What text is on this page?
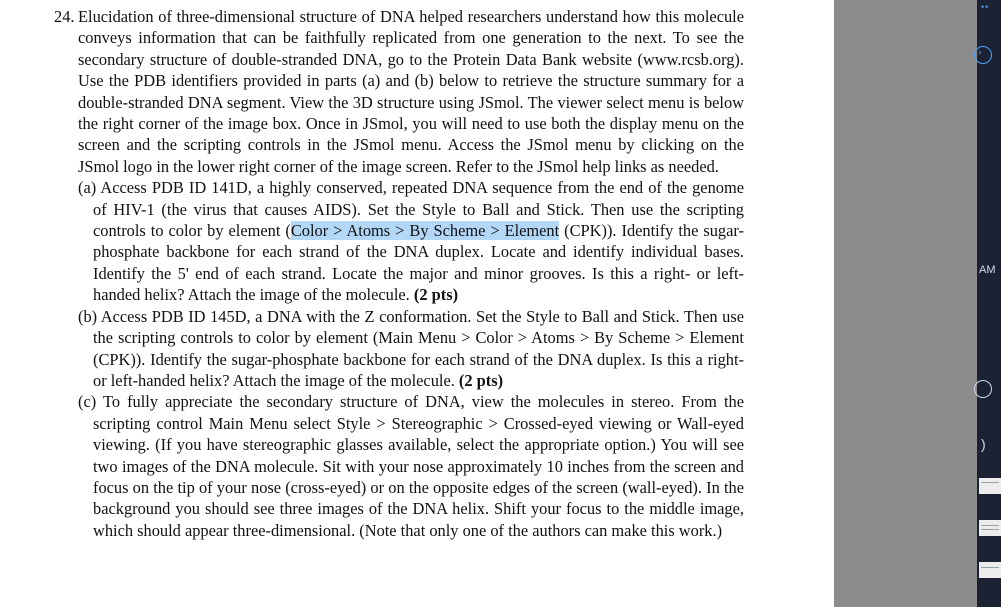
24. Elucidation of three-dimensional structure of DNA helped researchers understand how this molecule conveys information that can be faithfully replicated from one generation to the next. To see the secondary structure of double-stranded DNA, go to the Protein Data Bank website (www.rcsb.org). Use the PDB identifiers provided in parts (a) and (b) below to retrieve the structure summary for a double-stranded DNA segment. View the 3D structure using JSmol. The viewer select menu is below the right corner of the image box. Once in JSmol, you will need to use both the display menu on the screen and the scripting controls in the JSmol menu. Access the JSmol menu by clicking on the JSmol logo in the lower right corner of the image screen. Refer to the JSmol help links as needed.

(a) Access PDB ID 141D, a highly conserved, repeated DNA sequence from the end of the genome of HIV-1 (the virus that causes AIDS). Set the Style to Ball and Stick. Then use the scripting controls to color by element (Color > Atoms > By Scheme > Element (CPK)). Identify the sugar-phosphate backbone for each strand of the DNA duplex. Locate and identify individual bases. Identify the 5' end of each strand. Locate the major and minor grooves. Is this a right- or left-handed helix? Attach the image of the molecule. (2 pts)

(b) Access PDB ID 145D, a DNA with the Z conformation. Set the Style to Ball and Stick. Then use the scripting controls to color by element (Main Menu > Color > Atoms > By Scheme > Element (CPK)). Identify the sugar-phosphate backbone for each strand of the DNA duplex. Is this a right- or left-handed helix? Attach the image of the molecule. (2 pts)

(c) To fully appreciate the secondary structure of DNA, view the molecules in stereo. From the scripting control Main Menu select Style > Stereographic > Crossed-eyed viewing or Wall-eyed viewing. (If you have stereographic glasses available, select the appropriate option.) You will see two images of the DNA molecule. Sit with your nose approximately 10 inches from the screen and focus on the tip of your nose (cross-eyed) or on the opposite edges of the screen (wall-eyed). In the background you should see three images of the DNA helix. Shift your focus to the middle image, which should appear three-dimensional. (Note that only one of the authors can make this work.)

••
›
AM
)
